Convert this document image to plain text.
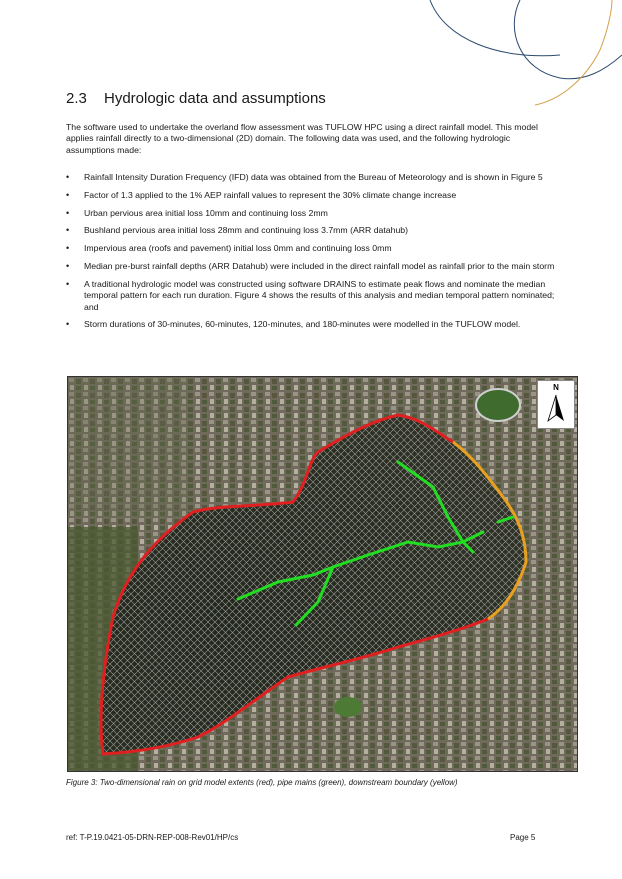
2.3 Hydrologic data and assumptions
The software used to undertake the overland flow assessment was TUFLOW HPC using a direct rainfall model. This model applies rainfall directly to a two-dimensional (2D) domain. The following data was used, and the following hydrologic assumptions made:
• Rainfall Intensity Duration Frequency (IFD) data was obtained from the Bureau of Meteorology and is shown in Figure 5
• Factor of 1.3 applied to the 1% AEP rainfall values to represent the 30% climate change increase
• Urban pervious area initial loss 10mm and continuing loss 2mm
• Bushland pervious area initial loss 28mm and continuing loss 3.7mm (ARR datahub)
• Impervious area (roofs and pavement) initial loss 0mm and continuing loss 0mm
• Median pre-burst rainfall depths (ARR Datahub) were included in the direct rainfall model as rainfall prior to the main storm
• A traditional hydrologic model was constructed using software DRAINS to estimate peak flows and nominate the median temporal pattern for each run duration. Figure 4 shows the results of this analysis and median temporal pattern nominated; and
• Storm durations of 30-minutes, 60-minutes, 120-minutes, and 180-minutes were modelled in the TUFLOW model.
N
Figure 3: Two-dimensional rain on grid model extents (red), pipe mains (green), downstream boundary (yellow)
ref: T-P.19.0421-05-DRN-REP-008-Rev01/HP/cs	Page 5
